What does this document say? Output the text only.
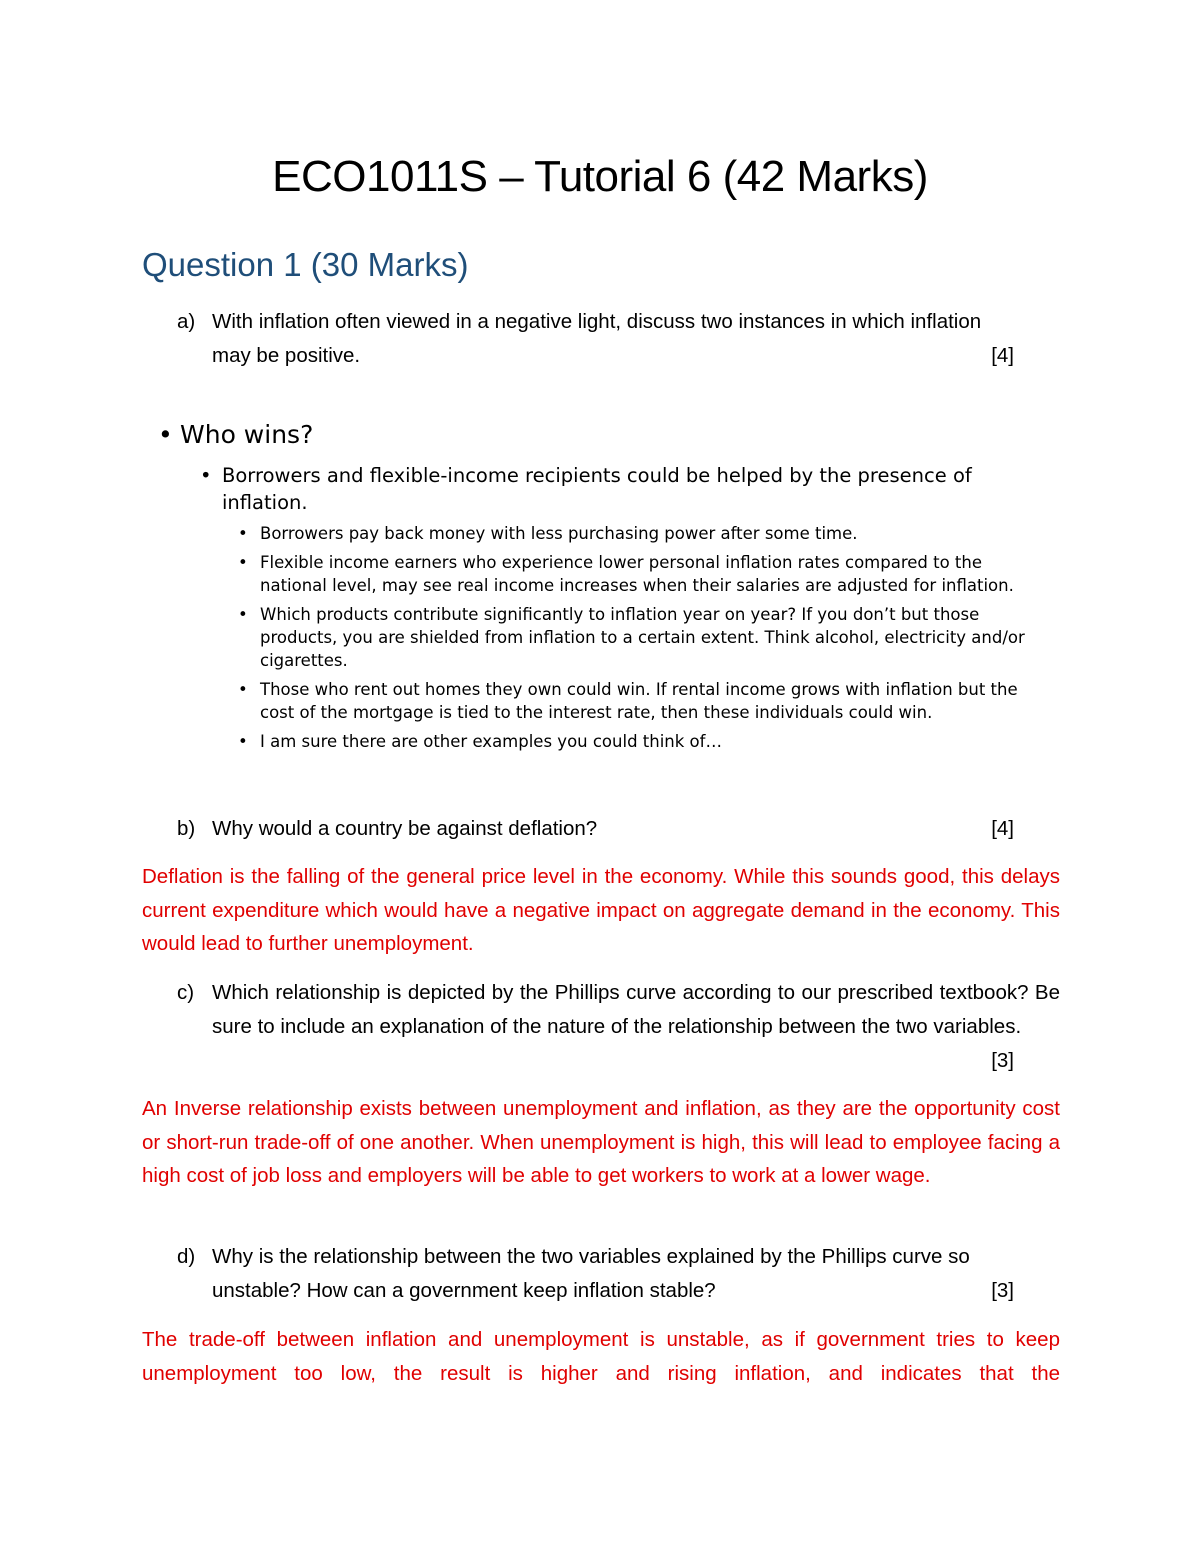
ECO1011S – Tutorial 6 (42 Marks)
Question 1 (30 Marks)
a) With inflation often viewed in a negative light, discuss two instances in which inflation may be positive.	[4]
• Who wins?
• Borrowers and flexible-income recipients could be helped by the presence of inflation.
• Borrowers pay back money with less purchasing power after some time.
• Flexible income earners who experience lower personal inflation rates compared to the national level, may see real income increases when their salaries are adjusted for inflation.
• Which products contribute significantly to inflation year on year? If you don’t but those products, you are shielded from inflation to a certain extent. Think alcohol, electricity and/or cigarettes.
• Those who rent out homes they own could win. If rental income grows with inflation but the cost of the mortgage is tied to the interest rate, then these individuals could win.
• I am sure there are other examples you could think of…
b) Why would a country be against deflation?	[4]

Deflation is the falling of the general price level in the economy. While this sounds good, this delays current expenditure which would have a negative impact on aggregate demand in the economy. This would lead to further unemployment.

c) Which relationship is depicted by the Phillips curve according to our prescribed textbook? Be sure to include an explanation of the nature of the relationship between the two variables.
[3]

An Inverse relationship exists between unemployment and inflation, as they are the opportunity cost or short-run trade-off of one another. When unemployment is high, this will lead to employee facing a high cost of job loss and employers will be able to get workers to work at a lower wage.

d) Why is the relationship between the two variables explained by the Phillips curve so unstable? How can a government keep inflation stable?	[3]

The trade-off between inflation and unemployment is unstable, as if government tries to keep unemployment too low, the result is higher and rising inflation, and indicates that the
